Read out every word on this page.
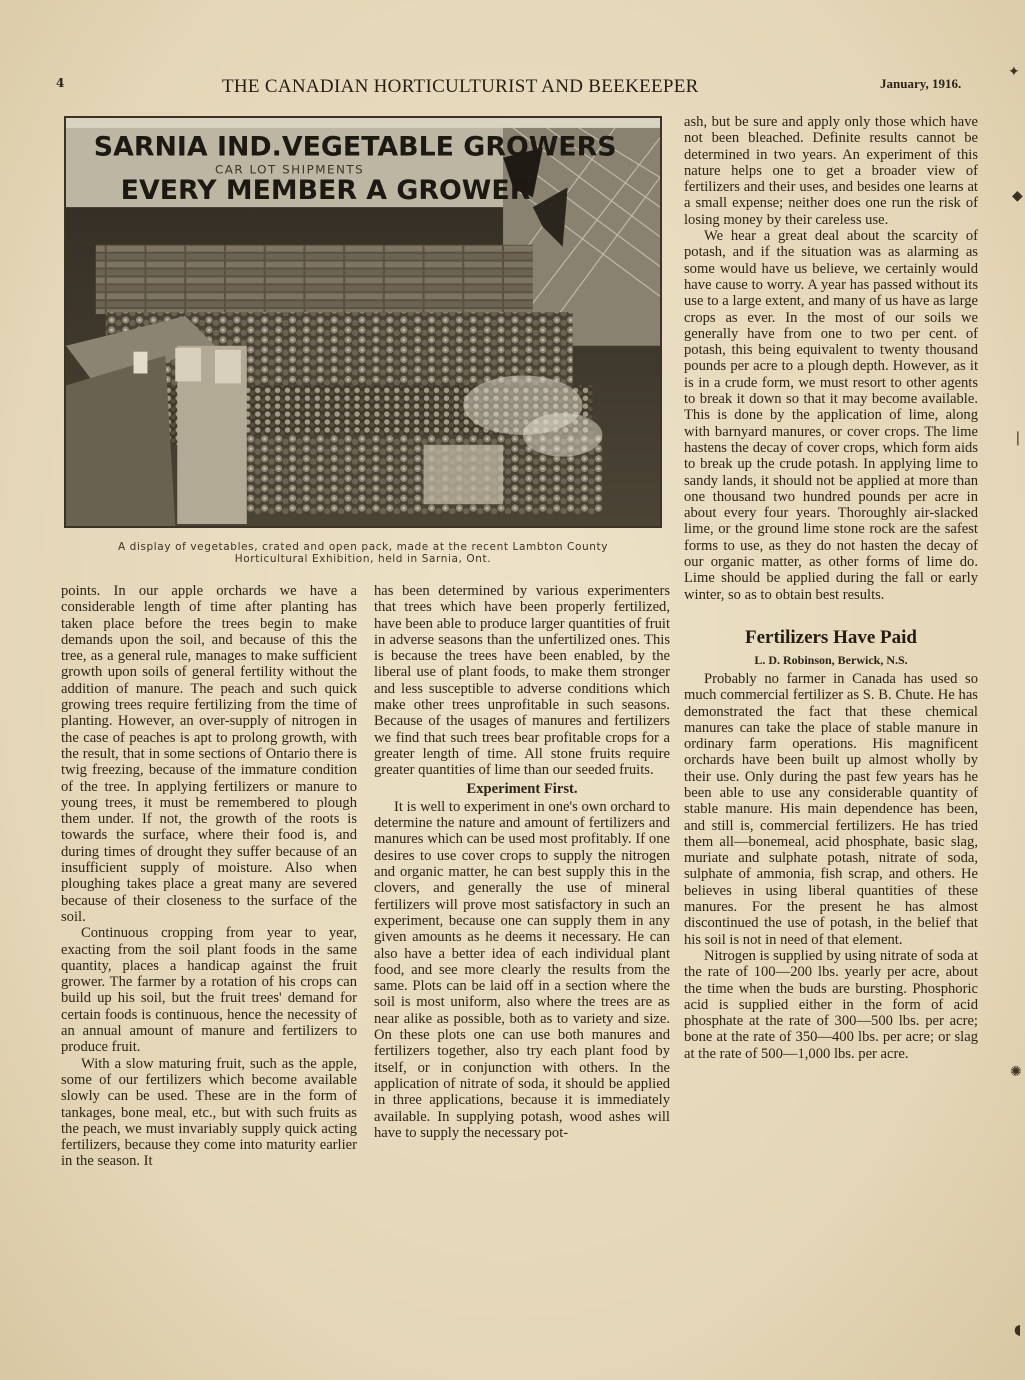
4	THE CANADIAN HORTICULTURIST AND BEEKEEPER	January, 1916.
SARNIA IND.VEGETABLE GROWERS
CAR LOT SHIPMENTS
EVERY MEMBER A GROWER
A display of vegetables, crated and open pack, made at the recent Lambton County
Horticultural Exhibition, held in Sarnia, Ont.

points. In our apple orchards we have a considerable length of time after planting has taken place before the trees begin to make demands upon the soil, and because of this the tree, as a general rule, manages to make sufficient growth upon soils of general fertility without the addition of manure. The peach and such quick growing trees require fertilizing from the time of planting. However, an over-supply of nitrogen in the case of peaches is apt to prolong growth, with the result, that in some sections of Ontario there is twig freezing, because of the immature condition of the tree. In applying fertilizers or manure to young trees, it must be remembered to plough them under. If not, the growth of the roots is towards the surface, where their food is, and during times of drought they suffer because of an insufficient supply of moisture. Also when ploughing takes place a great many are severed because of their closeness to the surface of the soil.

Continuous cropping from year to year, exacting from the soil plant foods in the same quantity, places a handicap against the fruit grower. The farmer by a rotation of his crops can build up his soil, but the fruit trees' demand for certain foods is continuous, hence the necessity of an annual amount of manure and fertilizers to produce fruit.

With a slow maturing fruit, such as the apple, some of our fertilizers which become available slowly can be used. These are in the form of tankages, bone meal, etc., but with such fruits as the peach, we must invariably supply quick acting fertilizers, because they come into maturity earlier in the season. It

has been determined by various experimenters that trees which have been properly fertilized, have been able to produce larger quantities of fruit in adverse seasons than the unfertilized ones. This is because the trees have been enabled, by the liberal use of plant foods, to make them stronger and less susceptible to adverse conditions which make other trees unprofitable in such seasons. Because of the usages of manures and fertilizers we find that such trees bear profitable crops for a greater length of time. All stone fruits require greater quantities of lime than our seeded fruits.

Experiment First.

It is well to experiment in one's own orchard to determine the nature and amount of fertilizers and manures which can be used most profitably. If one desires to use cover crops to supply the nitrogen and organic matter, he can best supply this in the clovers, and generally the use of mineral fertilizers will prove most satisfactory in such an experiment, because one can supply them in any given amounts as he deems it necessary. He can also have a better idea of each individual plant food, and see more clearly the results from the same. Plots can be laid off in a section where the soil is most uniform, also where the trees are as near alike as possible, both as to variety and size. On these plots one can use both manures and fertilizers together, also try each plant food by itself, or in conjunction with others. In the application of nitrate of soda, it should be applied in three applications, because it is immediately available. In supplying potash, wood ashes will have to supply the necessary pot-

ash, but be sure and apply only those which have not been bleached. Definite results cannot be determined in two years. An experiment of this nature helps one to get a broader view of fertilizers and their uses, and besides one learns at a small expense; neither does one run the risk of losing money by their careless use.

We hear a great deal about the scarcity of potash, and if the situation was as alarming as some would have us believe, we certainly would have cause to worry. A year has passed without its use to a large extent, and many of us have as large crops as ever. In the most of our soils we generally have from one to two per cent. of potash, this being equivalent to twenty thousand pounds per acre to a plough depth. However, as it is in a crude form, we must resort to other agents to break it down so that it may become available. This is done by the application of lime, along with barnyard manures, or cover crops. The lime hastens the decay of cover crops, which form aids to break up the crude potash. In applying lime to sandy lands, it should not be applied at more than one thousand two hundred pounds per acre in about every four years. Thoroughly air-slacked lime, or the ground lime stone rock are the safest forms to use, as they do not hasten the decay of our organic matter, as other forms of lime do. Lime should be applied during the fall or early winter, so as to obtain best results.

Fertilizers Have Paid
L. D. Robinson, Berwick, N.S.

Probably no farmer in Canada has used so much commercial fertilizer as S. B. Chute. He has demonstrated the fact that these chemical manures can take the place of stable manure in ordinary farm operations. His magnificent orchards have been built up almost wholly by their use. Only during the past few years has he been able to use any considerable quantity of stable manure. His main dependence has been, and still is, commercial fertilizers. He has tried them all—bonemeal, acid phosphate, basic slag, muriate and sulphate potash, nitrate of soda, sulphate of ammonia, fish scrap, and others. He believes in using liberal quantities of these manures. For the present he has almost discontinued the use of potash, in the belief that his soil is not in need of that element.

Nitrogen is supplied by using nitrate of soda at the rate of 100—200 lbs. yearly per acre, about the time when the buds are bursting. Phosphoric acid is supplied either in the form of acid phosphate at the rate of 300—500 lbs. per acre; bone at the rate of 350—400 lbs. per acre; or slag at the rate of 500—1,000 lbs. per acre.

✦
◆
❘
✺
◖
